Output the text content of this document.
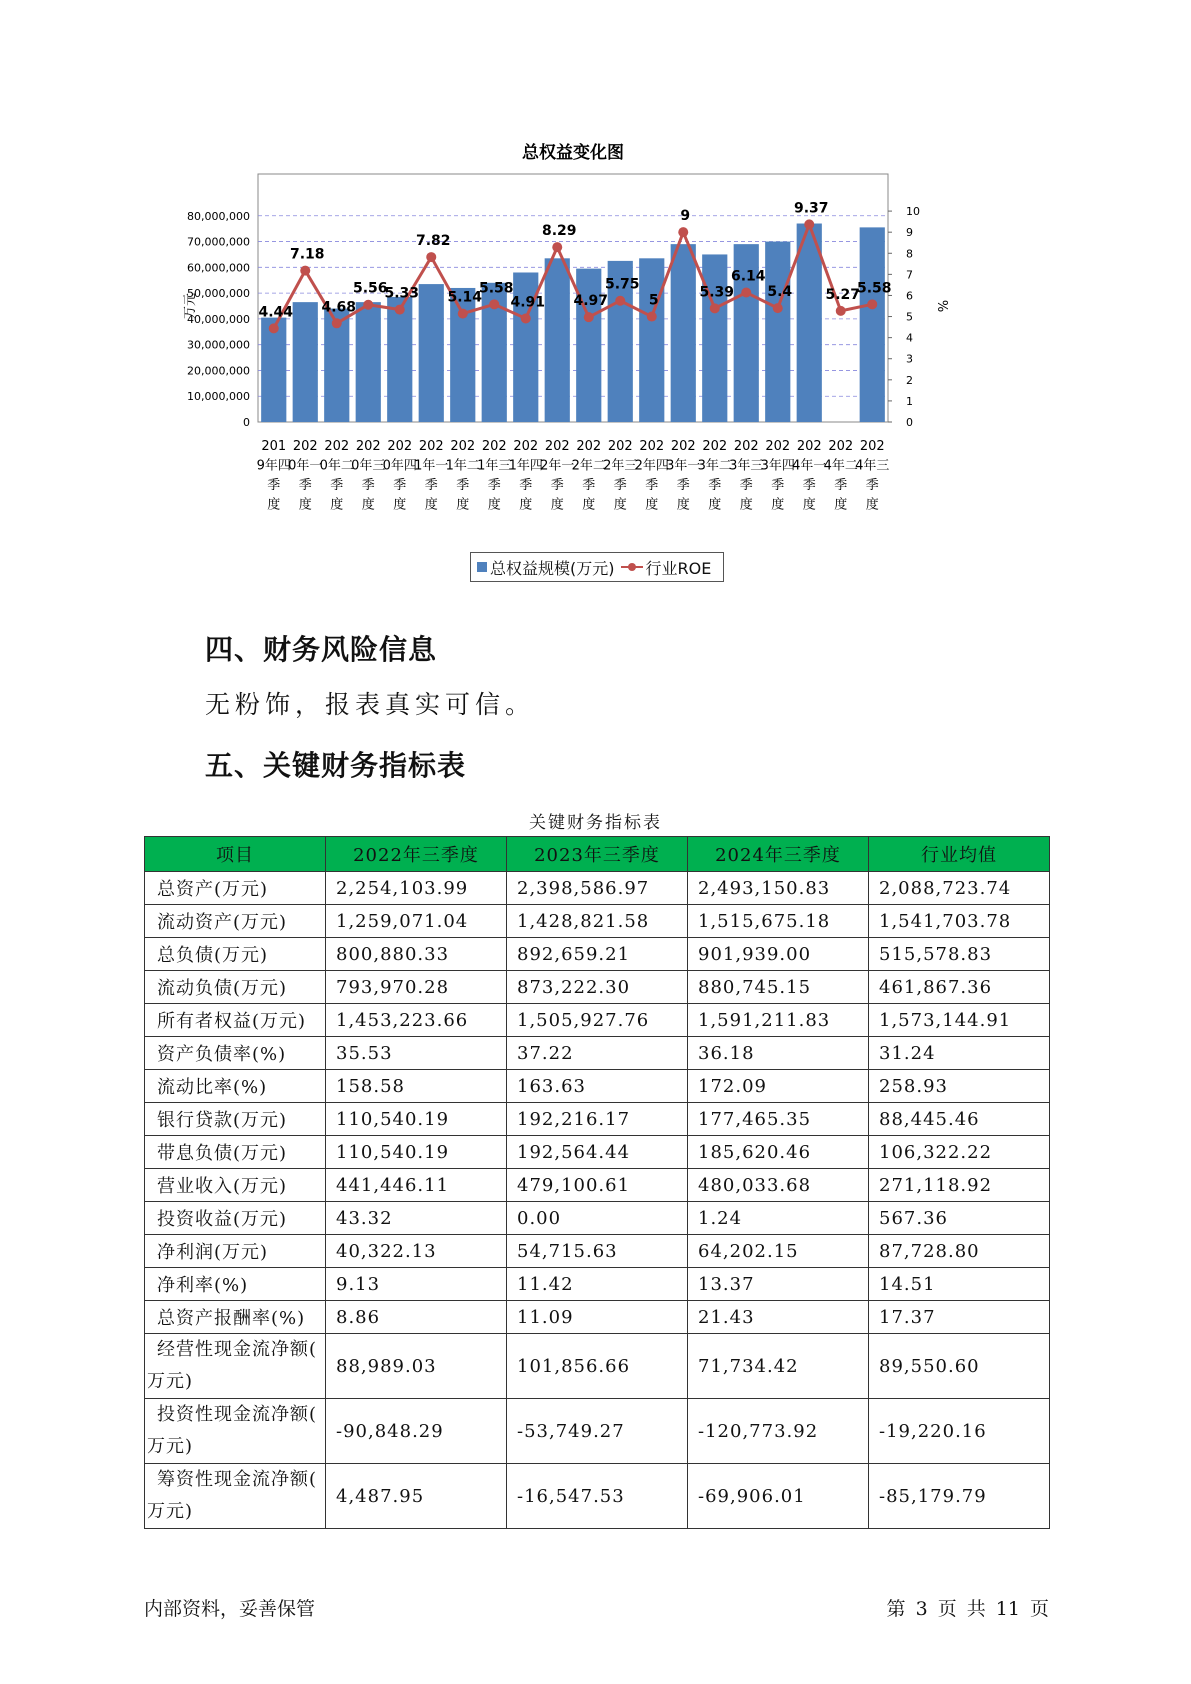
总权益变化图
0
10,000,000
20,000,000
30,000,000
40,000,000
50,000,000
60,000,000
70,000,000
80,000,000
0
1
2
3
4
5
6
7
8
9
10
万元	%
201 9年四季度
202 0年一季度
202 0年二季度
202 0年三季度
202 0年四季度
202 1年一季度
202 1年二季度
202 1年三季度
202 1年四季度
202 2年一季度
202 2年二季度
202 2年三季度
202 2年四季度
202 3年一季度
202 3年二季度
202 3年三季度
202 3年四季度
202 4年一季度
202 4年二季度
202 4年三季度
4.44
7.18
4.68
5.56
5.33
7.82
5.14
5.58
4.91
8.29
4.97
5.75
5
9
5.39
6.14
5.4
9.37
5.27
5.58
总权益规模(万元) 行业ROE
四、财务风险信息
无粉饰，报表真实可信。
五、关键财务指标表
关键财务指标表
项目	2022年三季度	2023年三季度	2024年三季度	行业均值
总资产(万元)	2,254,103.99	2,398,586.97	2,493,150.83	2,088,723.74
流动资产(万元)	1,259,071.04	1,428,821.58	1,515,675.18	1,541,703.78
总负债(万元)	800,880.33	892,659.21	901,939.00	515,578.83
流动负债(万元)	793,970.28	873,222.30	880,745.15	461,867.36
所有者权益(万元)	1,453,223.66	1,505,927.76	1,591,211.83	1,573,144.91
资产负债率(%)	35.53	37.22	36.18	31.24
流动比率(%)	158.58	163.63	172.09	258.93
银行贷款(万元)	110,540.19	192,216.17	177,465.35	88,445.46
带息负债(万元)	110,540.19	192,564.44	185,620.46	106,322.22
营业收入(万元)	441,446.11	479,100.61	480,033.68	271,118.92
投资收益(万元)	43.32	0.00	1.24	567.36
净利润(万元)	40,322.13	54,715.63	64,202.15	87,728.80
净利率(%)	9.13	11.42	13.37	14.51
总资产报酬率(%)	8.86	11.09	21.43	17.37

经营性现金流净额(
万元)	88,989.03	101,856.66	71,734.42	89,550.60

投资性现金流净额(
万元)	-90,848.29	-53,749.27	-120,773.92	-19,220.16

筹资性现金流净额(
万元)	4,487.95	-16,547.53	-69,906.01	-85,179.79
内部资料，妥善保管	第 3 页 共 11 页
